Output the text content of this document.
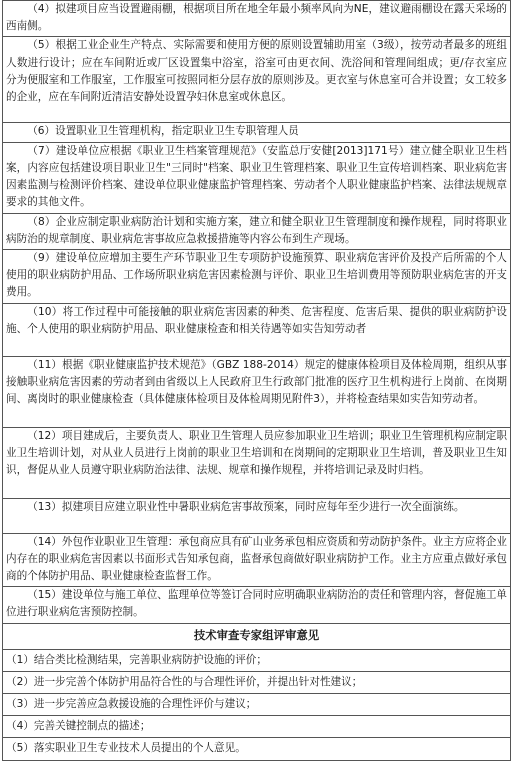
（4）拟建项目应当设置避雨棚，根据项目所在地全年最小频率风向为NE，建议避雨棚设在露天采场的西南侧。
（5）根据工业企业生产特点、实际需要和使用方便的原则设置辅助用室（3级），按劳动者最多的班组人数进行设计；应在车间附近或厂区设置集中浴室，浴室可由更衣间、洗浴间和管理间组成；更/存衣室应分为便服室和工作服室，工作服室可按照同柜分层存放的原则涉及。更衣室与休息室可合并设置；女工较多的企业，应在车间附近清洁安静处设置孕妇休息室或休息区。
（6）设置职业卫生管理机构，指定职业卫生专职管理人员
（7）建设单位应根据《职业卫生档案管理规范》（安监总厅安健[2013]171号）建立健全职业卫生档案，内容应包括建设项目职业卫生"三同时"档案、职业卫生管理档案、职业卫生宣传培训档案、职业病危害因素监测与检测评价档案、建设单位职业健康监护管理档案、劳动者个人职业健康监护档案、法律法规规章要求的其他文件。
（8）企业应制定职业病防治计划和实施方案，建立和健全职业卫生管理制度和操作规程，同时将职业病防治的规章制度、职业病危害事故应急救援措施等内容公布到生产现场。
（9）建设单位应增加主要生产环节职业卫生专项防护设施预算、职业病危害评价及投产后所需的个人使用的职业病防护用品、工作场所职业病危害因素检测与评价、职业卫生培训费用等预防职业病危害的开支费用。
（10）将工作过程中可能接触的职业病危害因素的种类、危害程度、危害后果、提供的职业病防护设施、个人使用的职业病防护用品、职业健康检查和相关待遇等如实告知劳动者
（11）根据《职业健康监护技术规范》（GBZ 188-2014）规定的健康体检项目及体检周期，组织从事接触职业病危害因素的劳动者到由省级以上人民政府卫生行政部门批准的医疗卫生机构进行上岗前、在岗期间、离岗时的职业健康检查（具体健康体检项目及体检周期见附件3），并将检查结果如实告知劳动者。
（12）项目建成后，主要负责人、职业卫生管理人员应参加职业卫生培训；职业卫生管理机构应制定职业卫生培训计划，对从业人员进行上岗前的职业卫生培训和在岗期间的定期职业卫生培训，普及职业卫生知识，督促从业人员遵守职业病防治法律、法规、规章和操作规程，并将培训记录及时归档。
（13）拟建项目应建立职业性中暑职业病危害事故预案，同时应每年至少进行一次全面演练。
（14）外包作业职业卫生管理：承包商应具有矿山业务承包相应资质和劳动防护条件。业主方应将企业内存在的职业病危害因素以书面形式告知承包商，监督承包商做好职业病防护工作。业主方应重点做好承包商的个体防护用品、职业健康检查监督工作。
（15）建设单位与施工单位、监理单位等签订合同时应明确职业病防治的责任和管理内容，督促施工单位进行职业病危害预防控制。
技术审查专家组评审意见
（1）结合类比检测结果，完善职业病防护设施的评价；
（2）进一步完善个体防护用品符合性的与合理性评价，并提出针对性建议；
（3）进一步完善应急救援设施的合理性评价与建议；
（4）完善关键控制点的描述；
（5）落实职业卫生专业技术人员提出的个人意见。
